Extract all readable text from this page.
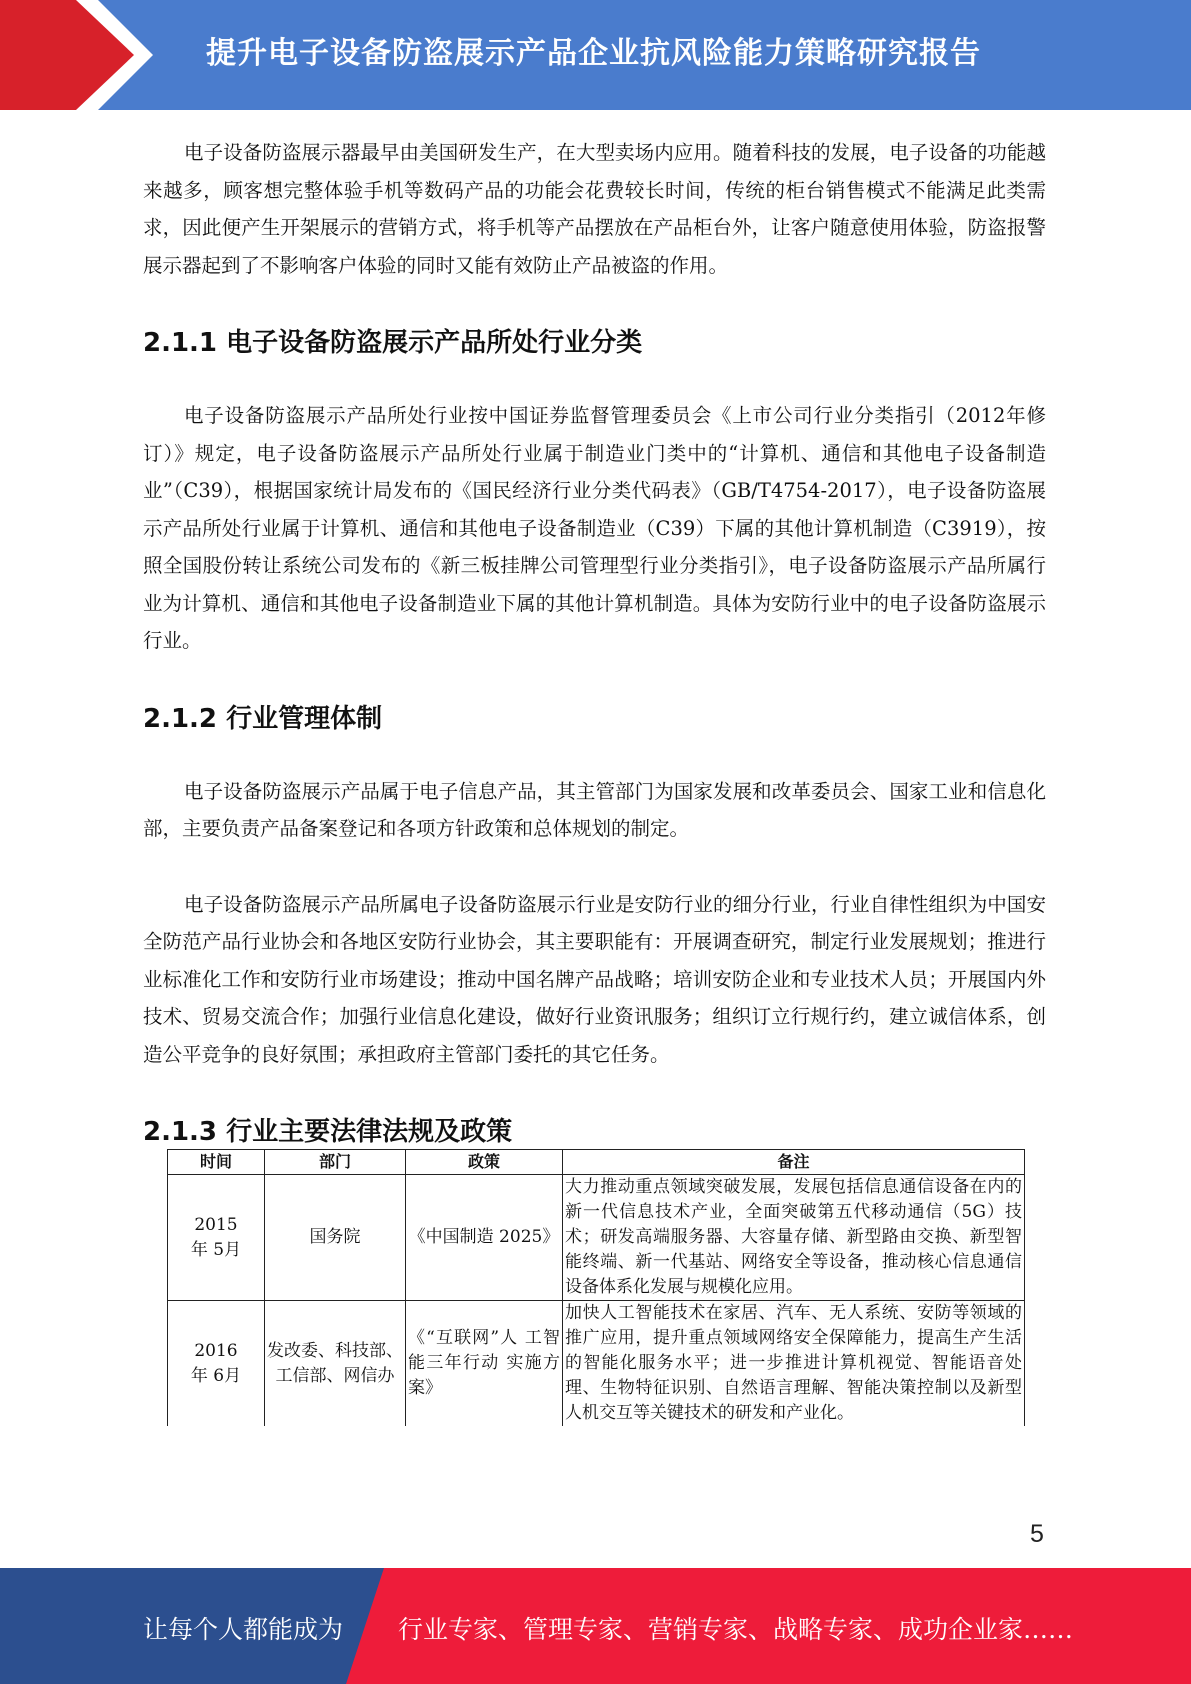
提升电子设备防盗展示产品企业抗风险能力策略研究报告

电子设备防盗展示器最早由美国研发生产，在大型卖场内应用。随着科技的发展，电子设备的功能越来越多，顾客想完整体验手机等数码产品的功能会花费较长时间，传统的柜台销售模式不能满足此类需求，因此便产生开架展示的营销方式，将手机等产品摆放在产品柜台外，让客户随意使用体验，防盗报警展示器起到了不影响客户体验的同时又能有效防止产品被盗的作用。

2.1.1 电子设备防盗展示产品所处行业分类

电子设备防盗展示产品所处行业按中国证券监督管理委员会《上市公司行业分类指引（2012年修订）》规定，电子设备防盗展示产品所处行业属于制造业门类中的“计算机、通信和其他电子设备制造业”（C39），根据国家统计局发布的《国民经济行业分类代码表》（GB/T4754-2017），电子设备防盗展示产品所处行业属于计算机、通信和其他电子设备制造业（C39）下属的其他计算机制造（C3919），按照全国股份转让系统公司发布的《新三板挂牌公司管理型行业分类指引》，电子设备防盗展示产品所属行业为计算机、通信和其他电子设备制造业下属的其他计算机制造。具体为安防行业中的电子设备防盗展示行业。

2.1.2 行业管理体制

电子设备防盗展示产品属于电子信息产品，其主管部门为国家发展和改革委员会、国家工业和信息化部，主要负责产品备案登记和各项方针政策和总体规划的制定。

电子设备防盗展示产品所属电子设备防盗展示行业是安防行业的细分行业，行业自律性组织为中国安全防范产品行业协会和各地区安防行业协会，其主要职能有：开展调查研究，制定行业发展规划；推进行业标准化工作和安防行业市场建设；推动中国名牌产品战略；培训安防企业和专业技术人员；开展国内外技术、贸易交流合作；加强行业信息化建设，做好行业资讯服务；组织订立行规行约，建立诚信体系，创造公平竞争的良好氛围；承担政府主管部门委托的其它任务。

2.1.3 行业主要法律法规及政策
时间	部门	政策	备注
2015 年 5月	国务院	《中国制造 2025》	大力推动重点领域突破发展，发展包括信息通信设备在内的新一代信息技术产业，全面突破第五代移动通信（5G）技术；研发高端服务器、大容量存储、新型路由交换、新型智能终端、新一代基站、网络安全等设备，推动核心信息通信设备体系化发展与规模化应用。
2016 年 6月	发改委、科技部、工信部、网信办	《“互联网”人 工智能三年行动 实施方案》	加快人工智能技术在家居、汽车、无人系统、安防等领域的推广应用，提升重点领域网络安全保障能力，提高生产生活的智能化服务水平；进一步推进计算机视觉、智能语音处理、生物特征识别、自然语言理解、智能决策控制以及新型人机交互等关键技术的研发和产业化。
5
让每个人都能成为 行业专家、管理专家、营销专家、战略专家、成功企业家……
